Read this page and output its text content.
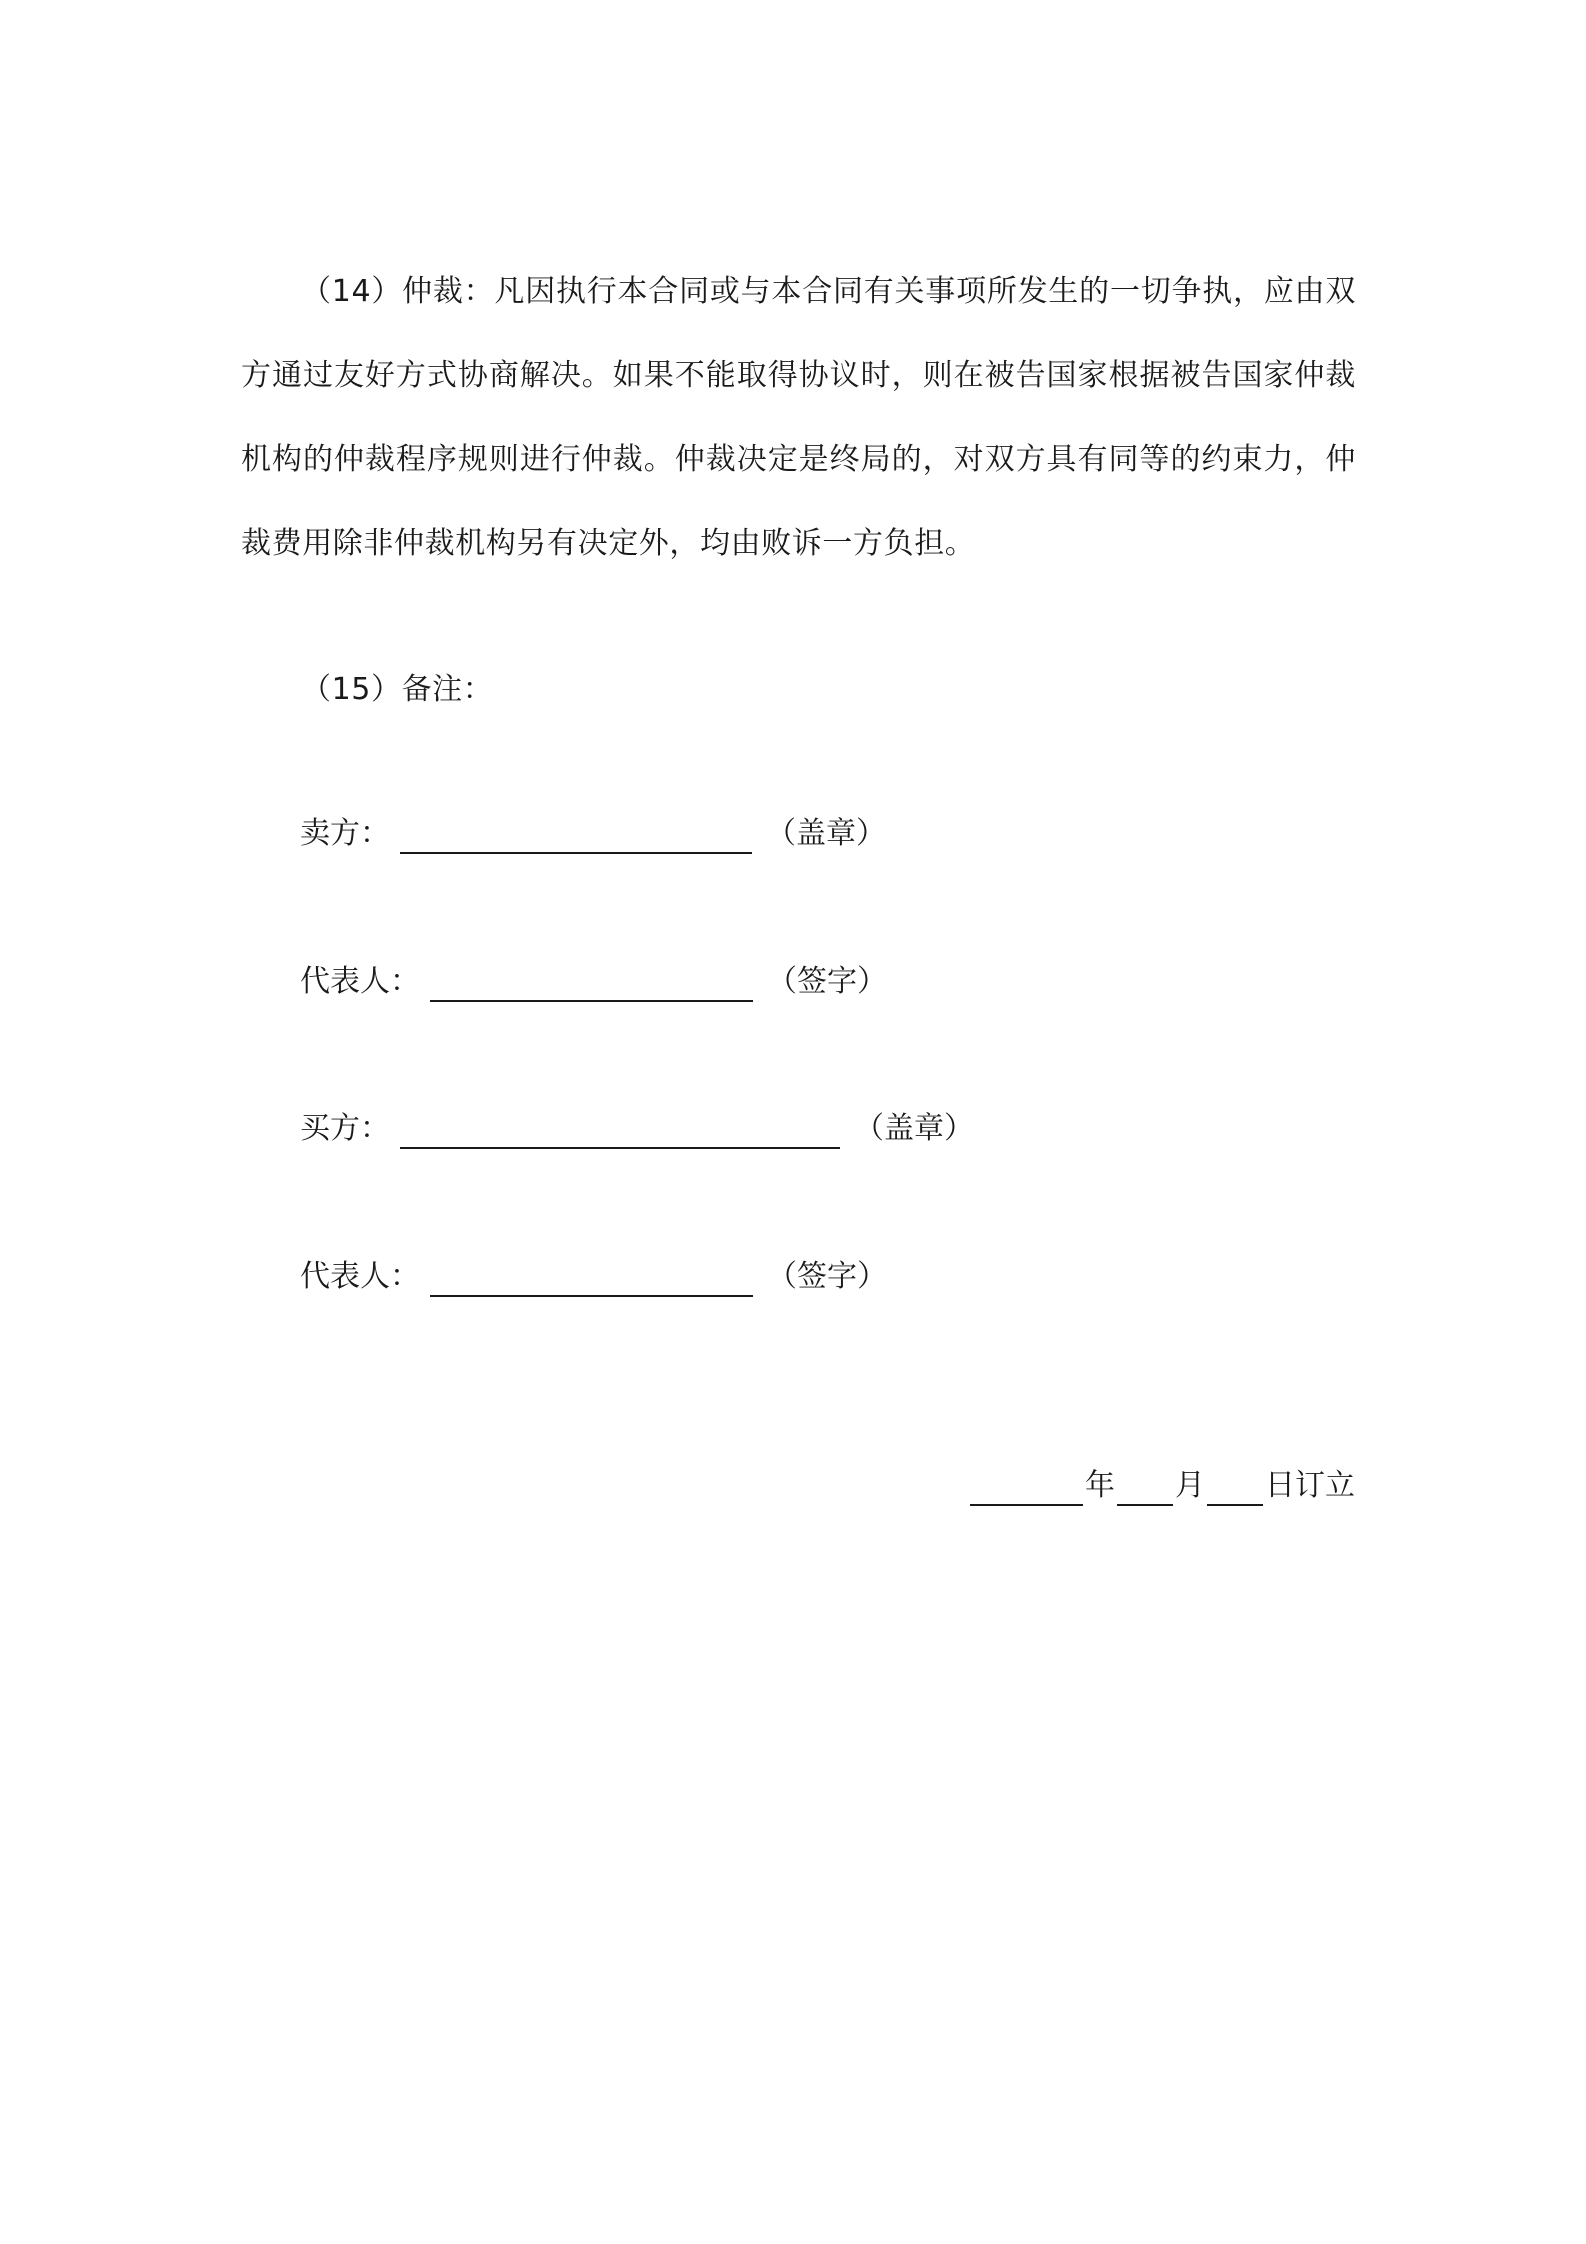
（14）仲裁：凡因执行本合同或与本合同有关事项所发生的一切争执，应由双方通过友好方式协商解决。如果不能取得协议时，则在被告国家根据被告国家仲裁机构的仲裁程序规则进行仲裁。仲裁决定是终局的，对双方具有同等的约束力，仲裁费用除非仲裁机构另有决定外，均由败诉一方负担。

（15）备注：

卖方：	（盖章）
代表人：	（签字）
买方：	（盖章）
代表人：	（签字）
年 月 日订立
